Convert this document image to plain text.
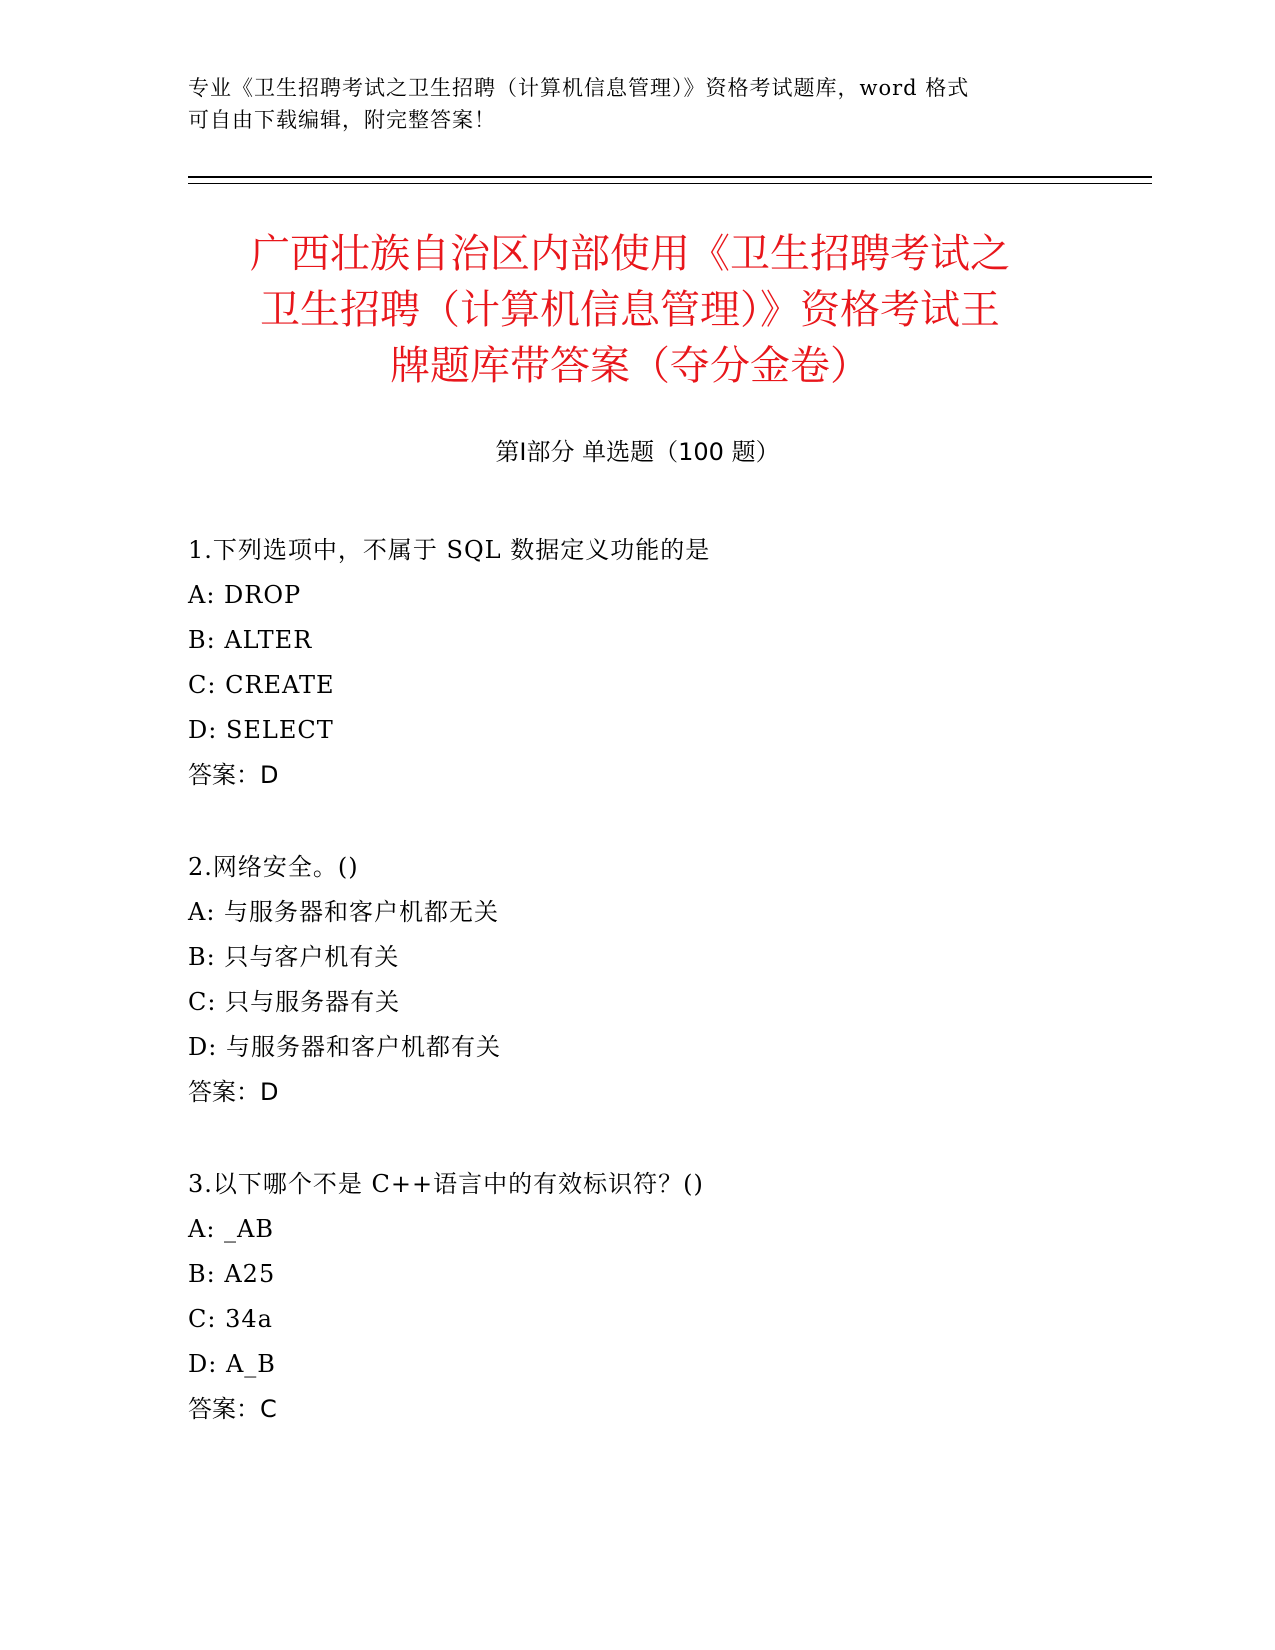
专业《卫生招聘考试之卫生招聘（计算机信息管理）》资格考试题库，word 格式
可自由下载编辑，附完整答案！
广西壮族自治区内部使用《卫生招聘考试之
卫生招聘（计算机信息管理）》资格考试王
牌题库带答案（夺分金卷）
第Ⅰ部分 单选题（100 题）
1.下列选项中，不属于 SQL 数据定义功能的是
A: DROP
B: ALTER
C: CREATE
D: SELECT
答案：D
2.网络安全。()
A: 与服务器和客户机都无关
B: 只与客户机有关
C: 只与服务器有关
D: 与服务器和客户机都有关
答案：D
3.以下哪个不是 C++语言中的有效标识符？()
A: _AB
B: A25
C: 34a
D: A_B
答案：C
